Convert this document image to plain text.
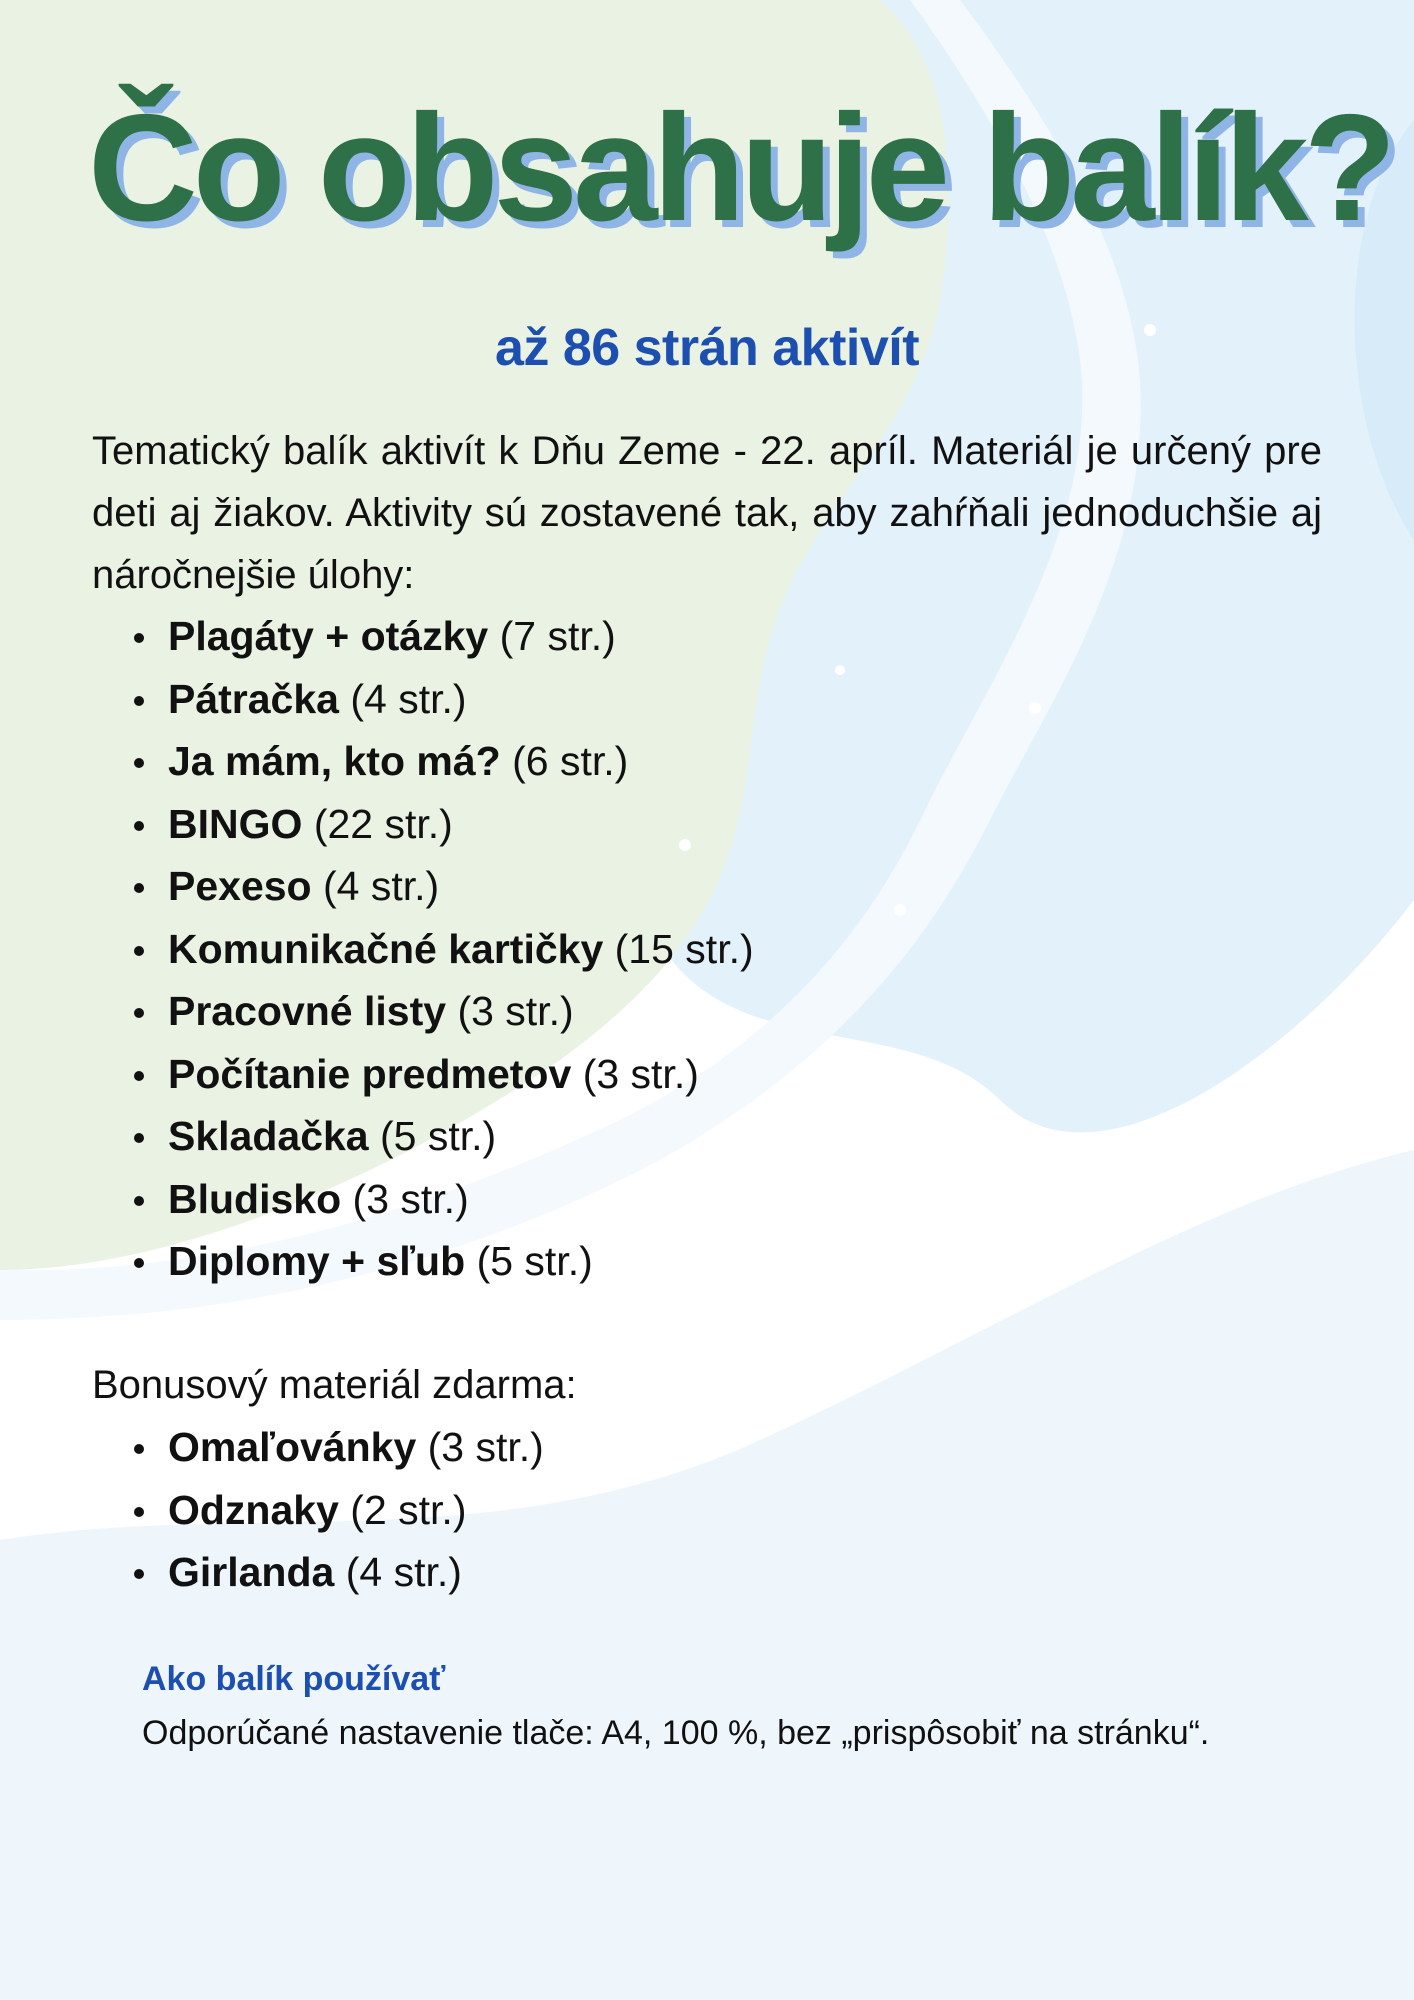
Čo obsahuje balík?
až 86 strán aktivít

Tematický balík aktivít k Dňu Zeme - 22. apríl. Materiál je určený pre deti aj žiakov. Aktivity sú zostavené tak, aby zahŕňali jednoduchšie aj náročnejšie úlohy:

Plagáty + otázky (7 str.)
Pátračka (4 str.)
Ja mám, kto má? (6 str.)
BINGO (22 str.)
Pexeso (4 str.)
Komunikačné kartičky (15 str.)
Pracovné listy (3 str.)
Počítanie predmetov (3 str.)
Skladačka (5 str.)
Bludisko (3 str.)
Diplomy + sľub (5 str.)

Bonusový materiál zdarma:

Omaľovánky (3 str.)
Odznaky (2 str.)
Girlanda (4 str.)

Ako balík používať

Odporúčané nastavenie tlače: A4, 100 %, bez „prispôsobiť na stránku“.
